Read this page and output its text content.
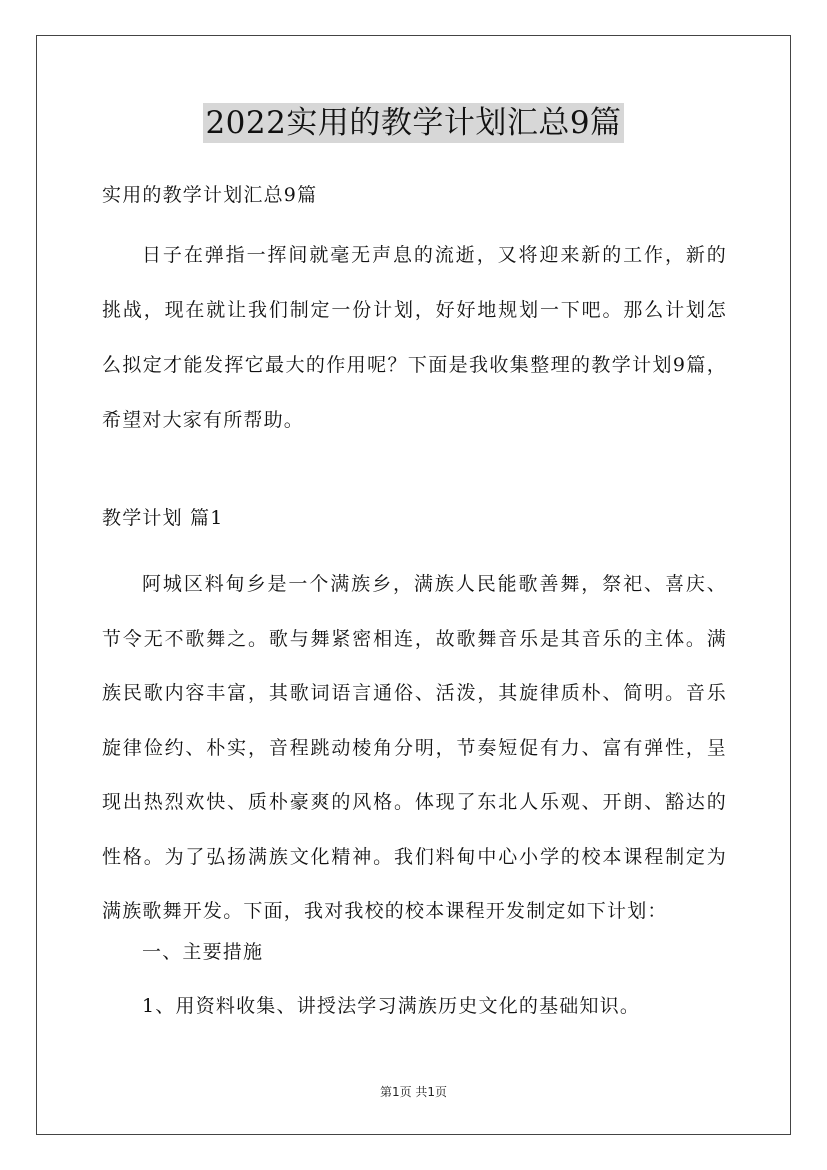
2022实用的教学计划汇总9篇

实用的教学计划汇总9篇

日子在弹指一挥间就毫无声息的流逝，又将迎来新的工作，新的挑战，现在就让我们制定一份计划，好好地规划一下吧。那么计划怎么拟定才能发挥它最大的作用呢？下面是我收集整理的教学计划9篇，希望对大家有所帮助。

教学计划 篇1

阿城区料甸乡是一个满族乡，满族人民能歌善舞，祭祀、喜庆、节令无不歌舞之。歌与舞紧密相连，故歌舞音乐是其音乐的主体。满族民歌内容丰富，其歌词语言通俗、活泼，其旋律质朴、简明。音乐旋律俭约、朴实，音程跳动棱角分明，节奏短促有力、富有弹性，呈现出热烈欢快、质朴豪爽的风格。体现了东北人乐观、开朗、豁达的性格。为了弘扬满族文化精神。我们料甸中心小学的校本课程制定为满族歌舞开发。下面，我对我校的校本课程开发制定如下计划：

一、主要措施

1、用资料收集、讲授法学习满族历史文化的基础知识。

第1页 共1页
